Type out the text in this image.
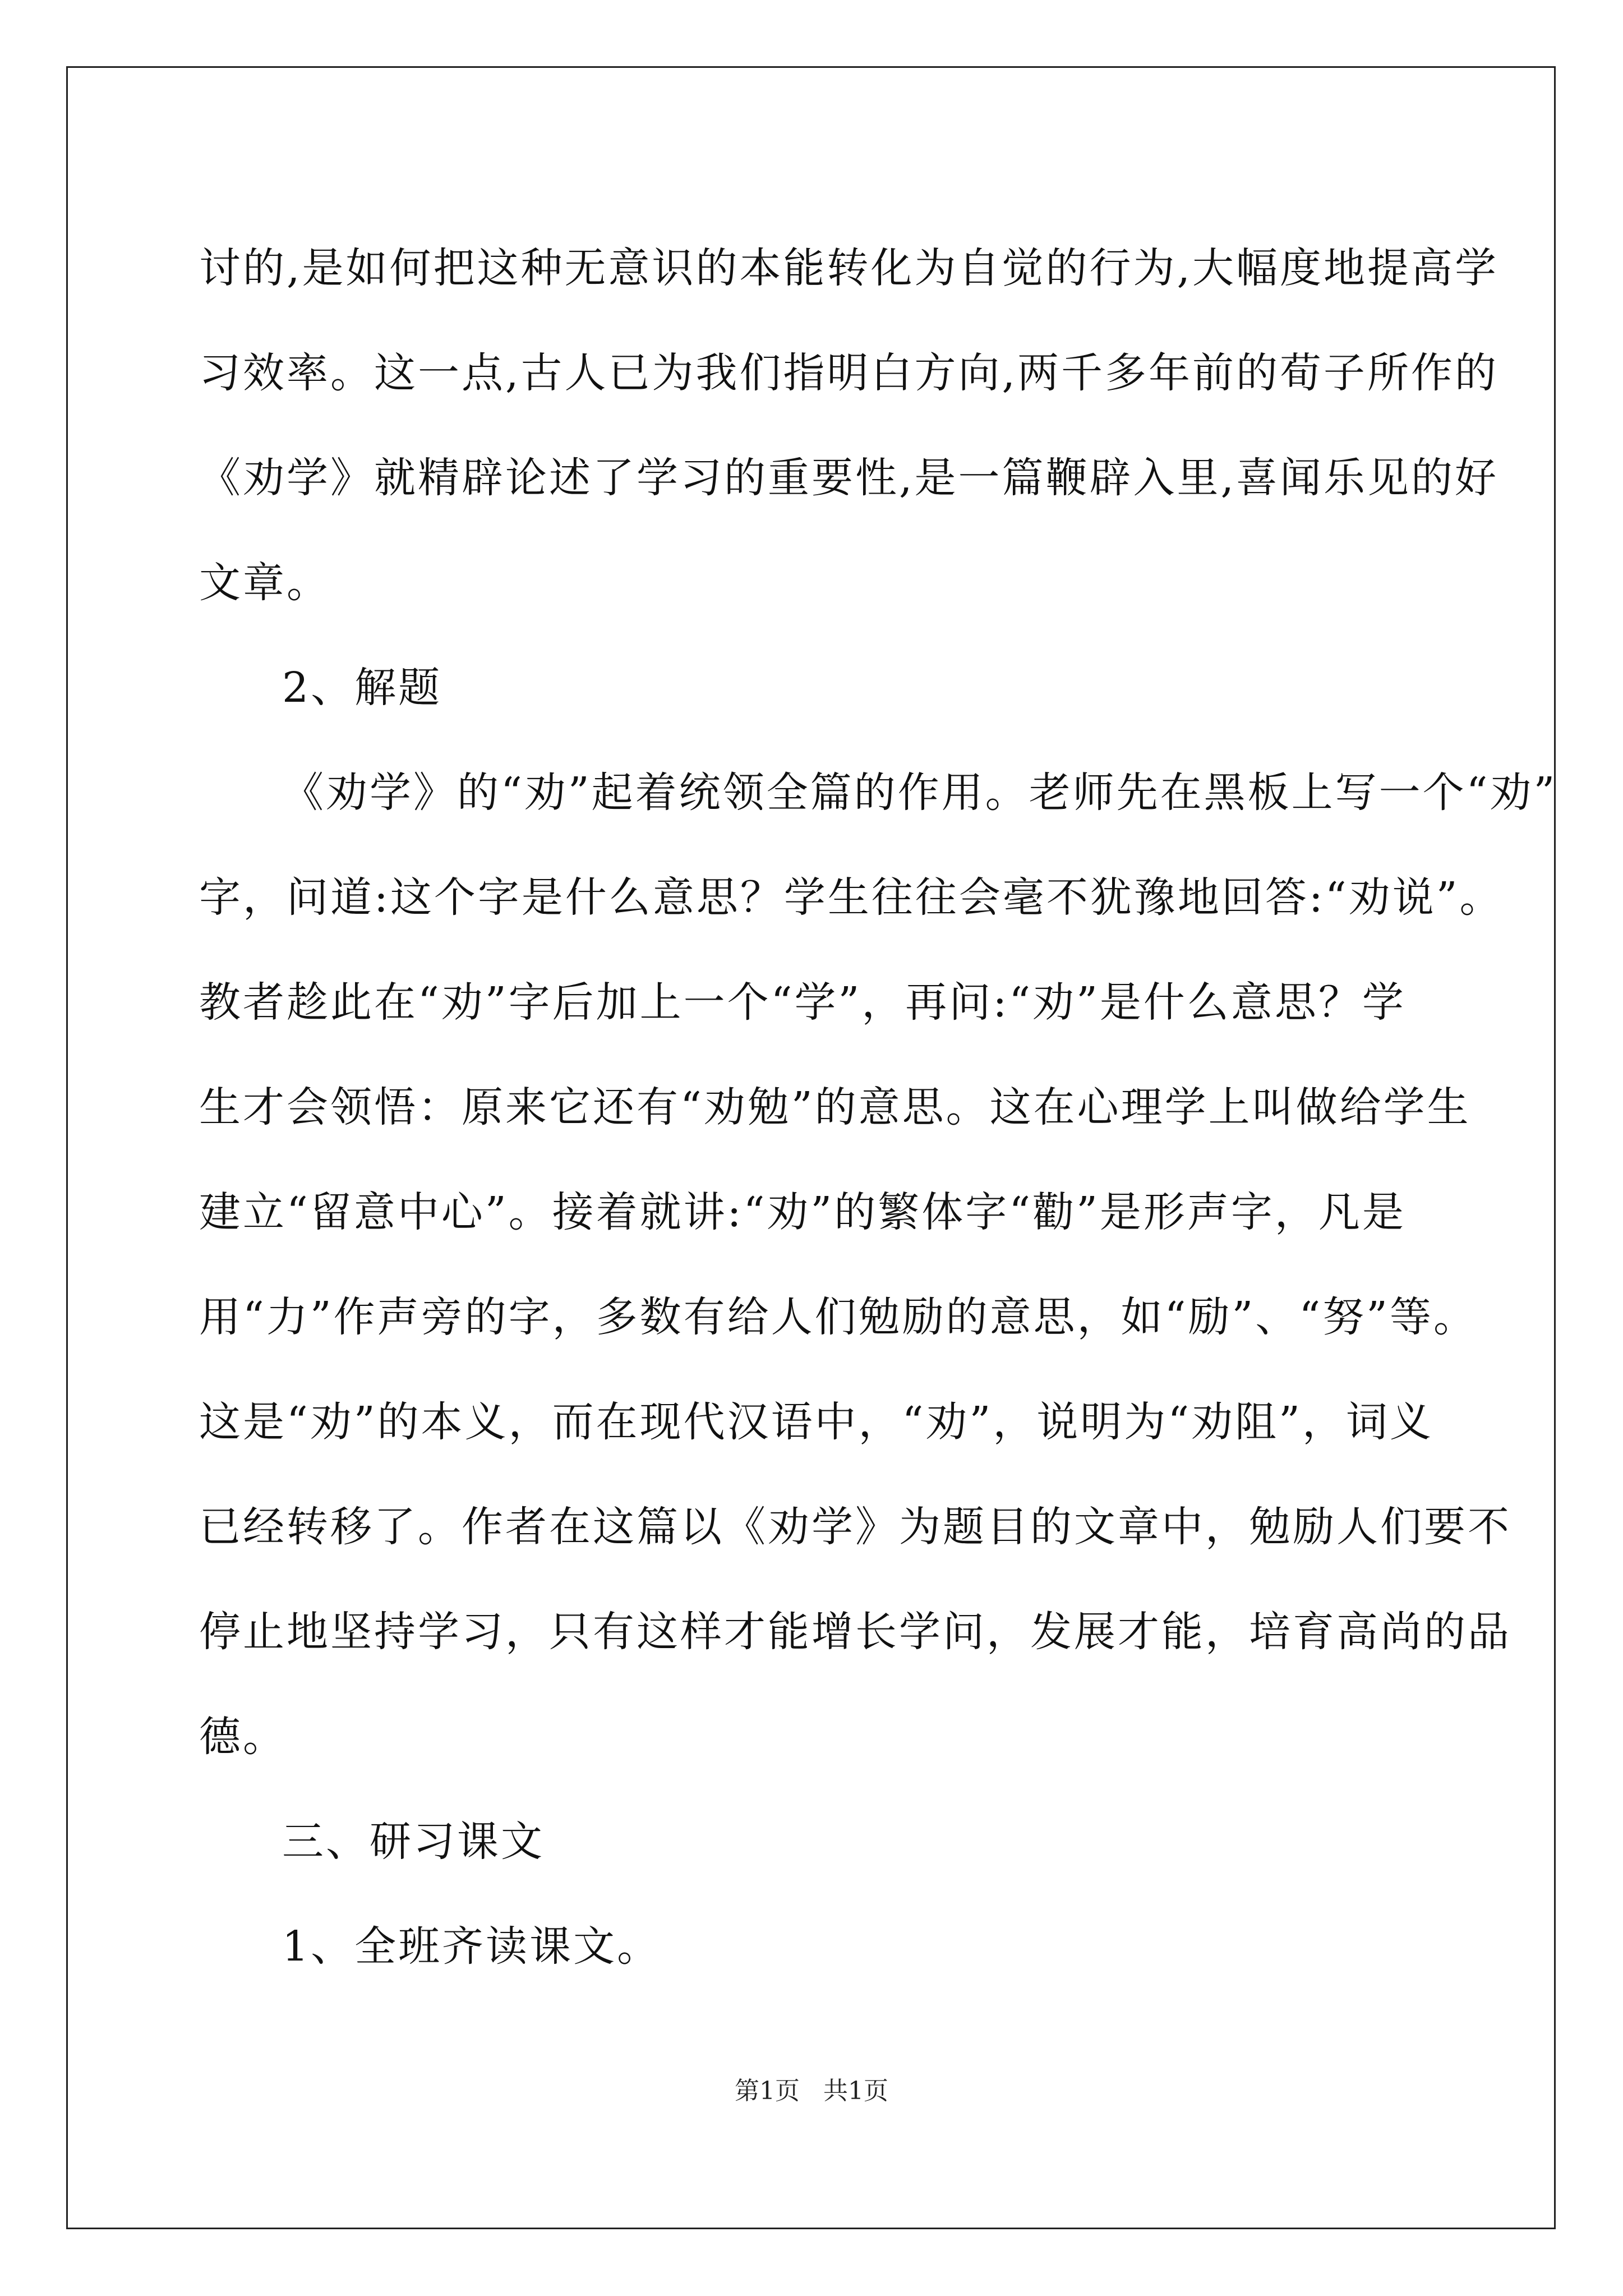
讨的,是如何把这种无意识的本能转化为自觉的行为,大幅度地提高学
习效率。这一点,古人已为我们指明白方向,两千多年前的荀子所作的
《劝学》就精辟论述了学习的重要性,是一篇鞭辟入里,喜闻乐见的好
文章。
2、解题
《劝学》的“劝”起着统领全篇的作用。老师先在黑板上写一个“劝”
字，问道:这个字是什么意思？学生往往会毫不犹豫地回答:“劝说”。
教者趁此在“劝”字后加上一个“学”，再问:“劝”是什么意思？学
生才会领悟：原来它还有“劝勉”的意思。这在心理学上叫做给学生
建立“留意中心”。接着就讲:“劝”的繁体字“勸”是形声字，凡是
用“力”作声旁的字，多数有给人们勉励的意思，如“励”、“努”等。
这是“劝”的本义，而在现代汉语中，“劝”，说明为“劝阻”，词义
已经转移了。作者在这篇以《劝学》为题目的文章中，勉励人们要不
停止地坚持学习，只有这样才能增长学问，发展才能，培育高尚的品
德。
三、研习课文
1、全班齐读课文。
第1页   共1页
